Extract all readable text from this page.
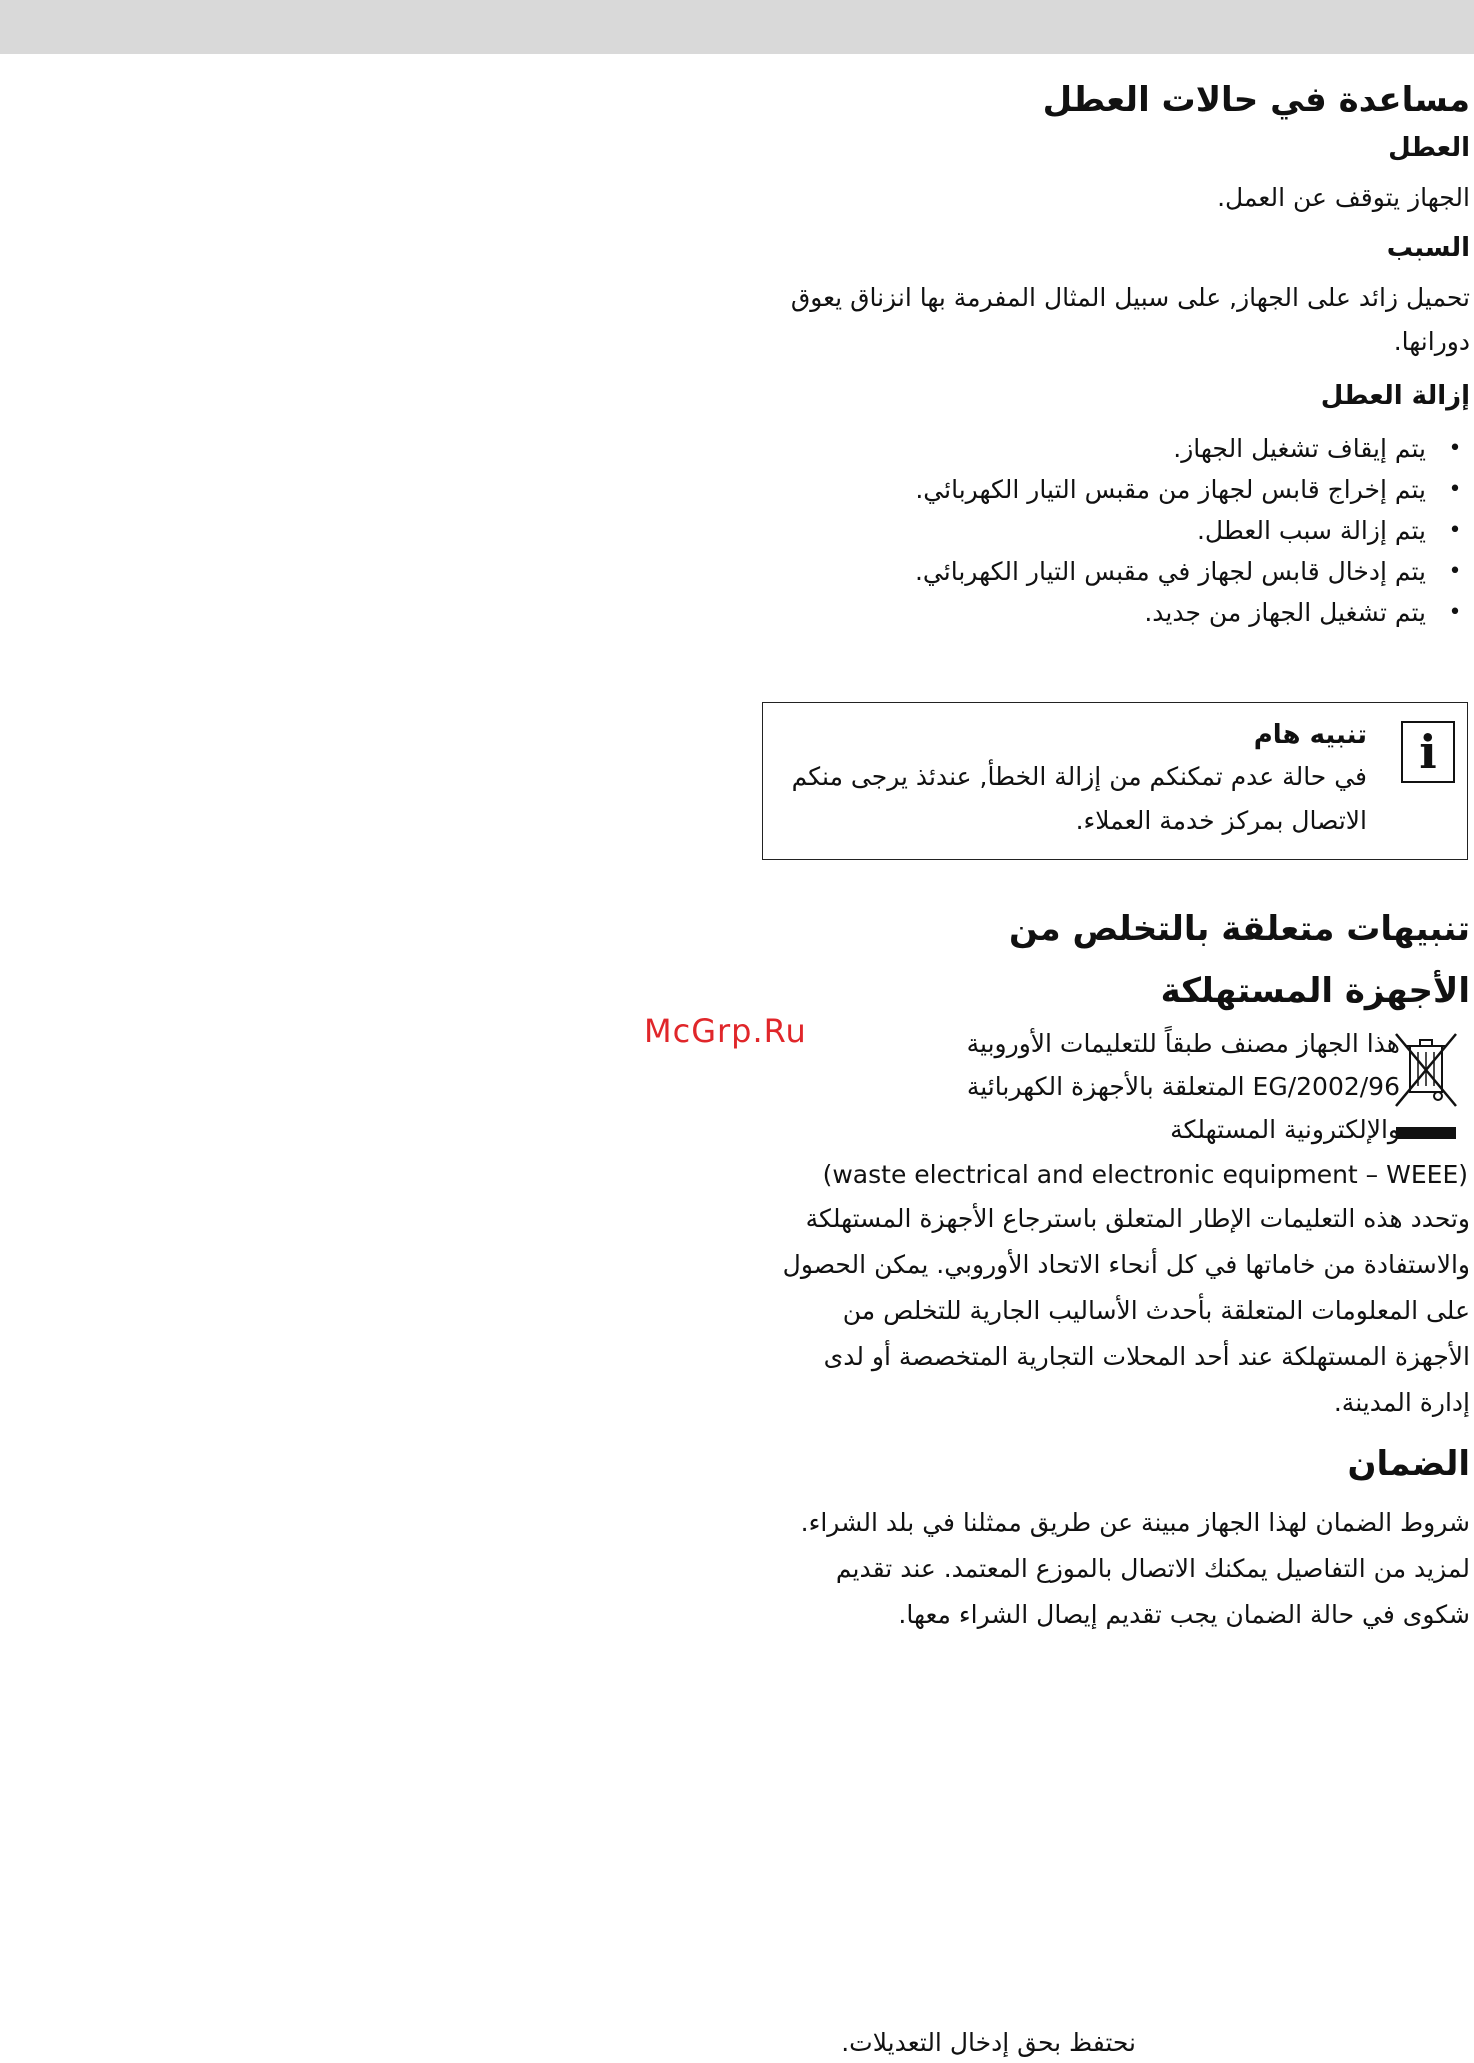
مساعدة في حالات العطل
العطل

الجهاز يتوقف عن العمل.

السبب

تحميل زائد على الجهاز, على سبيل المثال المفرمة بها انزناق يعوق دورانها.

إزالة العطل
• يتم إيقاف تشغيل الجهاز.
• يتم إخراج قابس لجهاز من مقبس التيار الكهربائي.
• يتم إزالة سبب العطل.
• يتم إدخال قابس لجهاز في مقبس التيار الكهربائي.
• يتم تشغيل الجهاز من جديد.
i
تنبيه هام
في حالة عدم تمكنكم من إزالة الخطأ, عندئذ يرجى منكم الاتصال بمركز خدمة العملاء.
تنبيهات متعلقة بالتخلص من
الأجهزة المستهلكة
هذا الجهاز مصنف طبقاً للتعليمات الأوروبية
2002/96/EG المتعلقة بالأجهزة الكهربائية
والإلكترونية المستهلكة
(waste electrical and electronic equipment – WEEE)
McGrp.Ru

وتحدد هذه التعليمات الإطار المتعلق باسترجاع الأجهزة المستهلكة والاستفادة من خاماتها في كل أنحاء الاتحاد الأوروبي. يمكن الحصول على المعلومات المتعلقة بأحدث الأساليب الجارية للتخلص من الأجهزة المستهلكة عند أحد المحلات التجارية المتخصصة أو لدى إدارة المدينة.

الضمان

شروط الضمان لهذا الجهاز مبينة عن طريق ممثلنا في بلد الشراء. لمزيد من التفاصيل يمكنك الاتصال بالموزع المعتمد. عند تقديم شكوى في حالة الضمان يجب تقديم إيصال الشراء معها.

نحتفظ بحق إدخال التعديلات.
